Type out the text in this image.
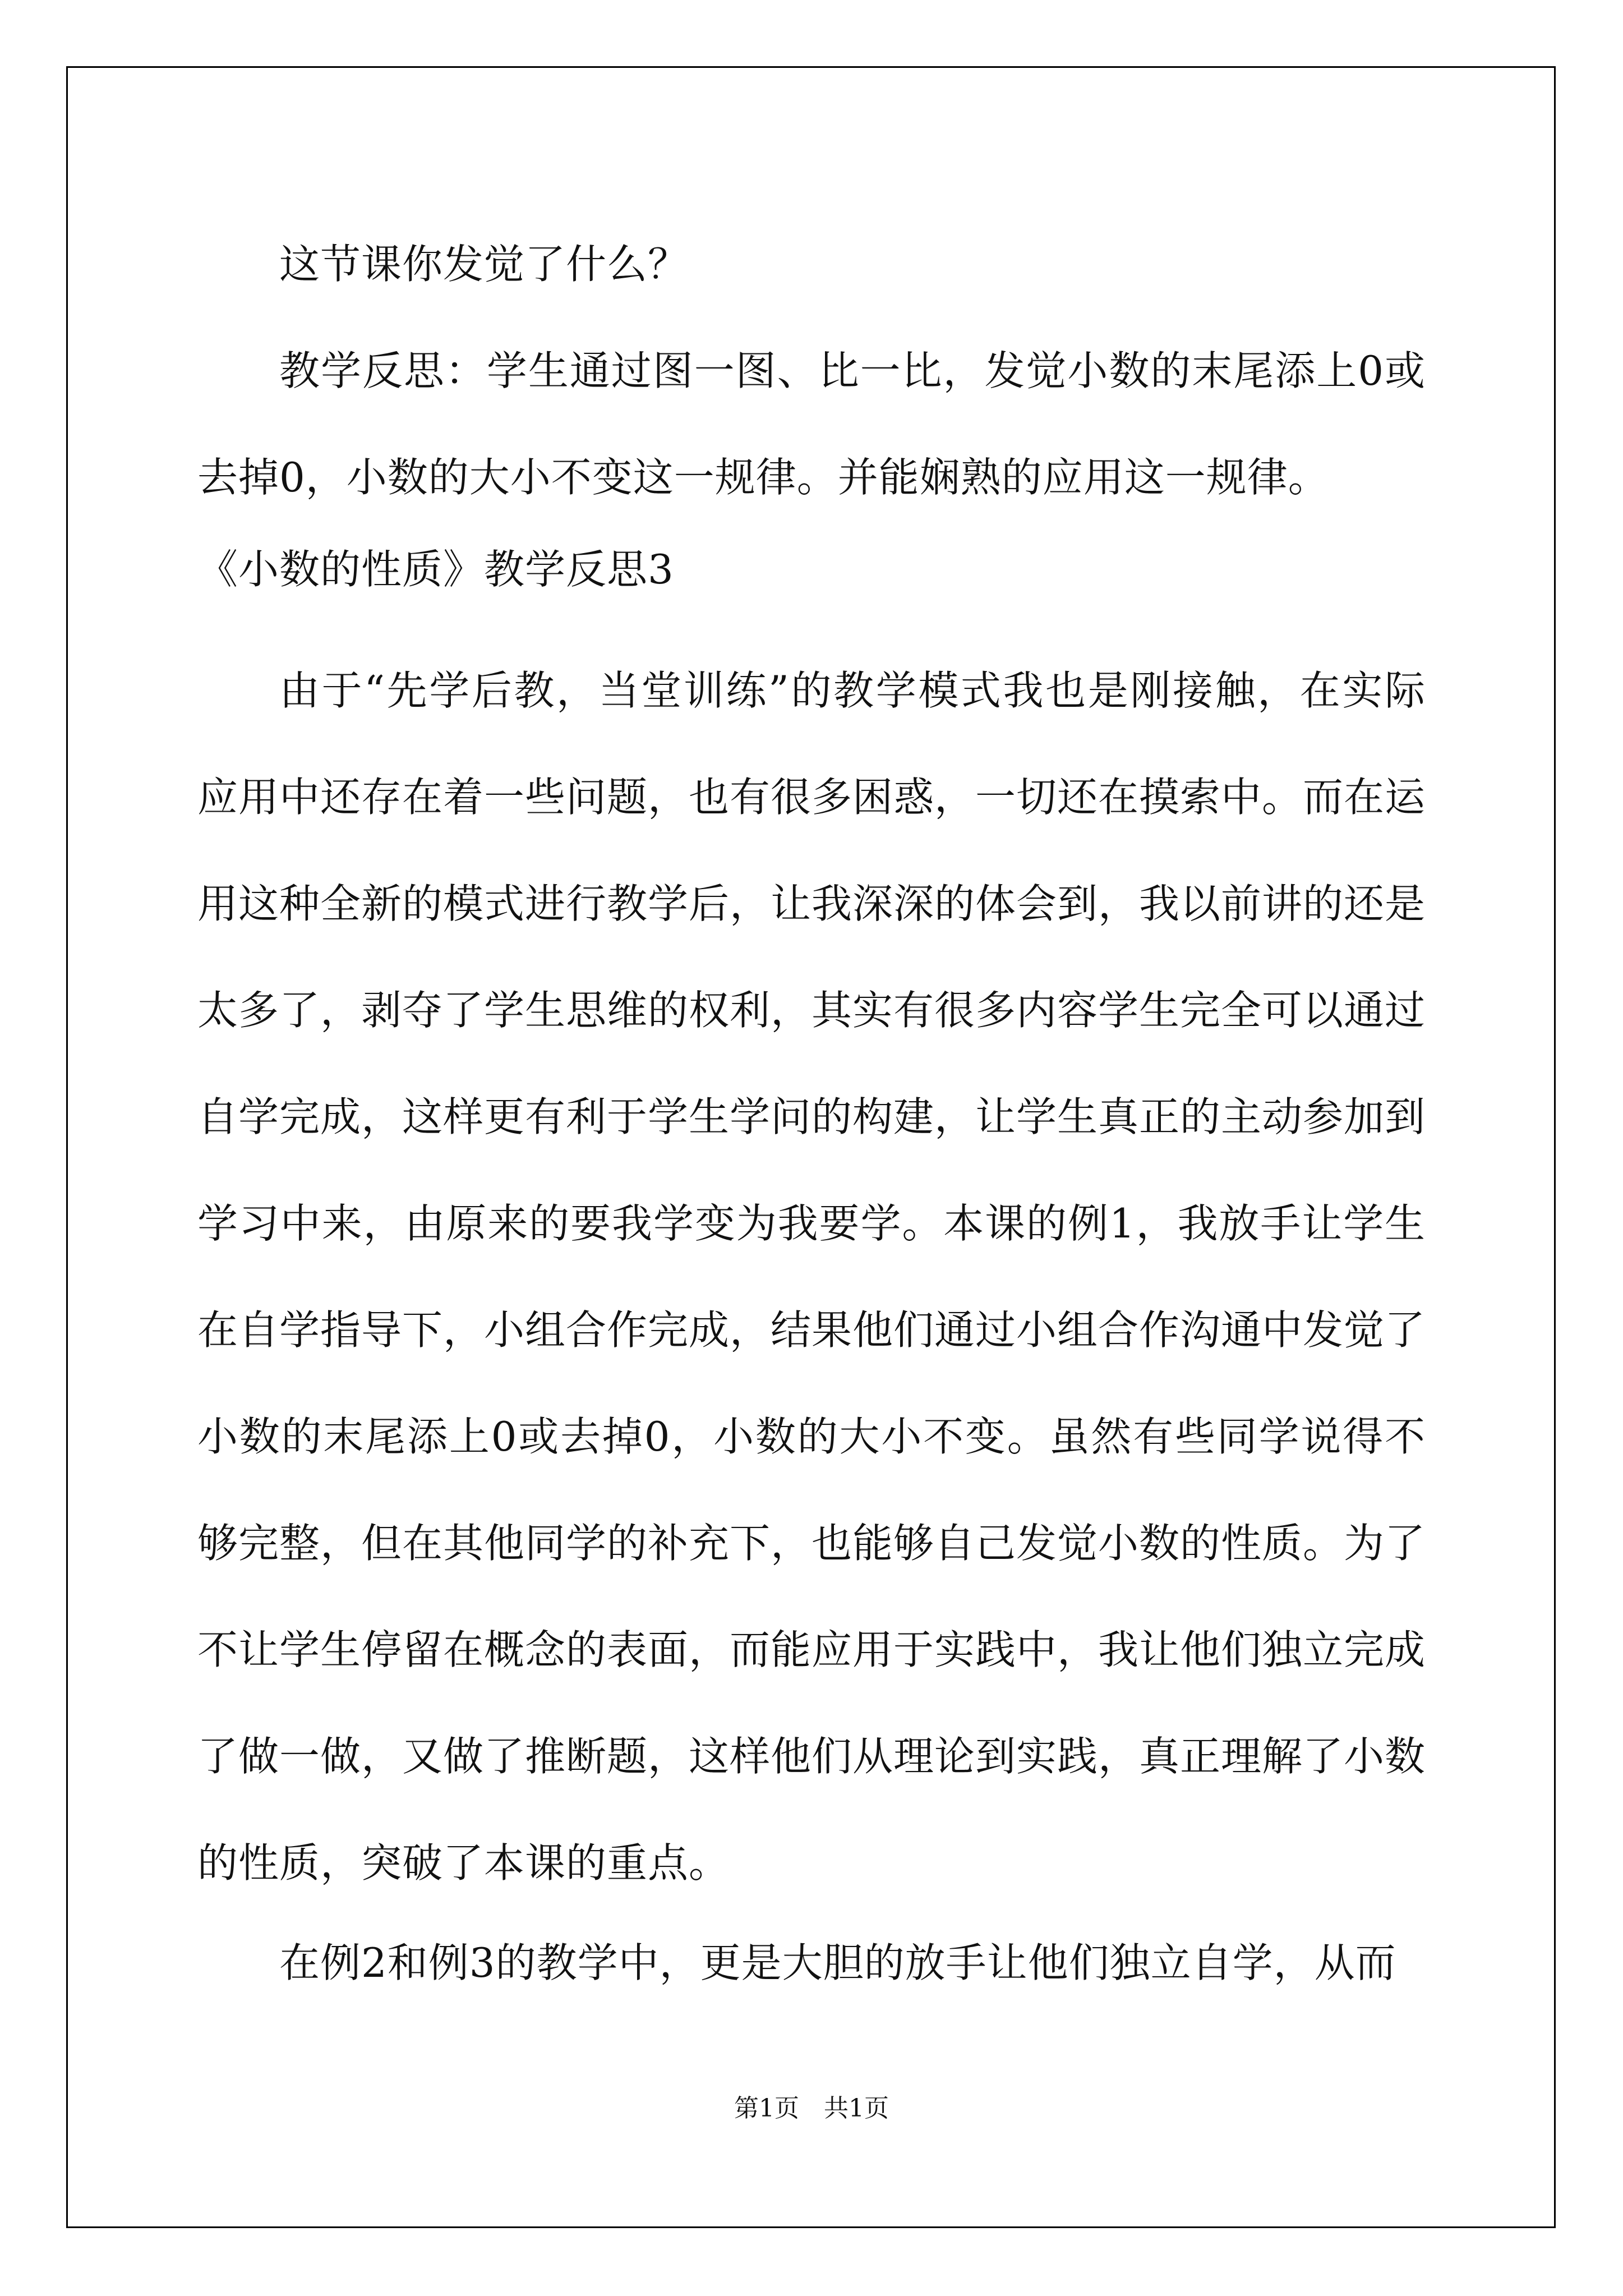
这节课你发觉了什么？

教学反思：学生通过图一图、比一比，发觉小数的末尾添上0或去掉0，小数的大小不变这一规律。并能娴熟的应用这一规律。

《小数的性质》教学反思3

由于“先学后教，当堂训练”的教学模式我也是刚接触，在实际应用中还存在着一些问题，也有很多困惑，一切还在摸索中。而在运用这种全新的模式进行教学后，让我深深的体会到，我以前讲的还是太多了，剥夺了学生思维的权利，其实有很多内容学生完全可以通过自学完成，这样更有利于学生学问的构建，让学生真正的主动参加到学习中来，由原来的要我学变为我要学。本课的例1，我放手让学生在自学指导下，小组合作完成，结果他们通过小组合作沟通中发觉了小数的末尾添上0或去掉0，小数的大小不变。虽然有些同学说得不够完整，但在其他同学的补充下，也能够自己发觉小数的性质。为了不让学生停留在概念的表面，而能应用于实践中，我让他们独立完成了做一做，又做了推断题，这样他们从理论到实践，真正理解了小数的性质，突破了本课的重点。

在例2和例3的教学中，更是大胆的放手让他们独立自学，从而

第1页 共1页
